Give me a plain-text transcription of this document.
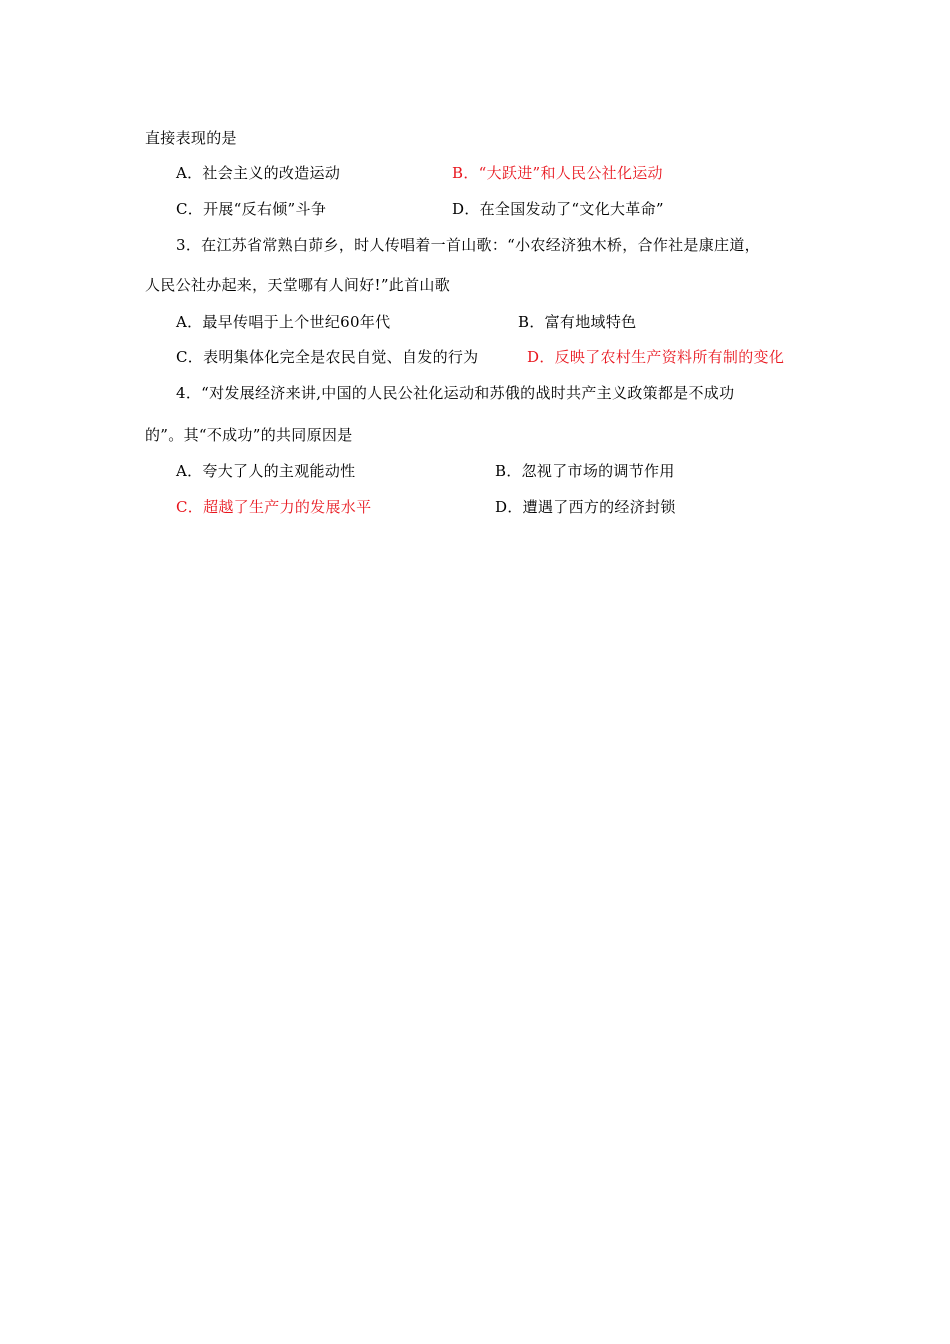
直接表现的是
A．社会主义的改造运动	B．“大跃进”和人民公社化运动
C．开展“反右倾”斗争	D．在全国发动了“文化大革命”
3．在江苏省常熟白茆乡，时人传唱着一首山歌：“小农经济独木桥，合作社是康庄道，
人民公社办起来，天堂哪有人间好!”此首山歌
A．最早传唱于上个世纪60年代	B．富有地域特色
C．表明集体化完全是农民自觉、自发的行为	D．反映了农村生产资料所有制的变化
4．“对发展经济来讲,中国的人民公社化运动和苏俄的战时共产主义政策都是不成功
的”。其“不成功”的共同原因是
A．夸大了人的主观能动性	B．忽视了市场的调节作用
C．超越了生产力的发展水平	D．遭遇了西方的经济封锁
